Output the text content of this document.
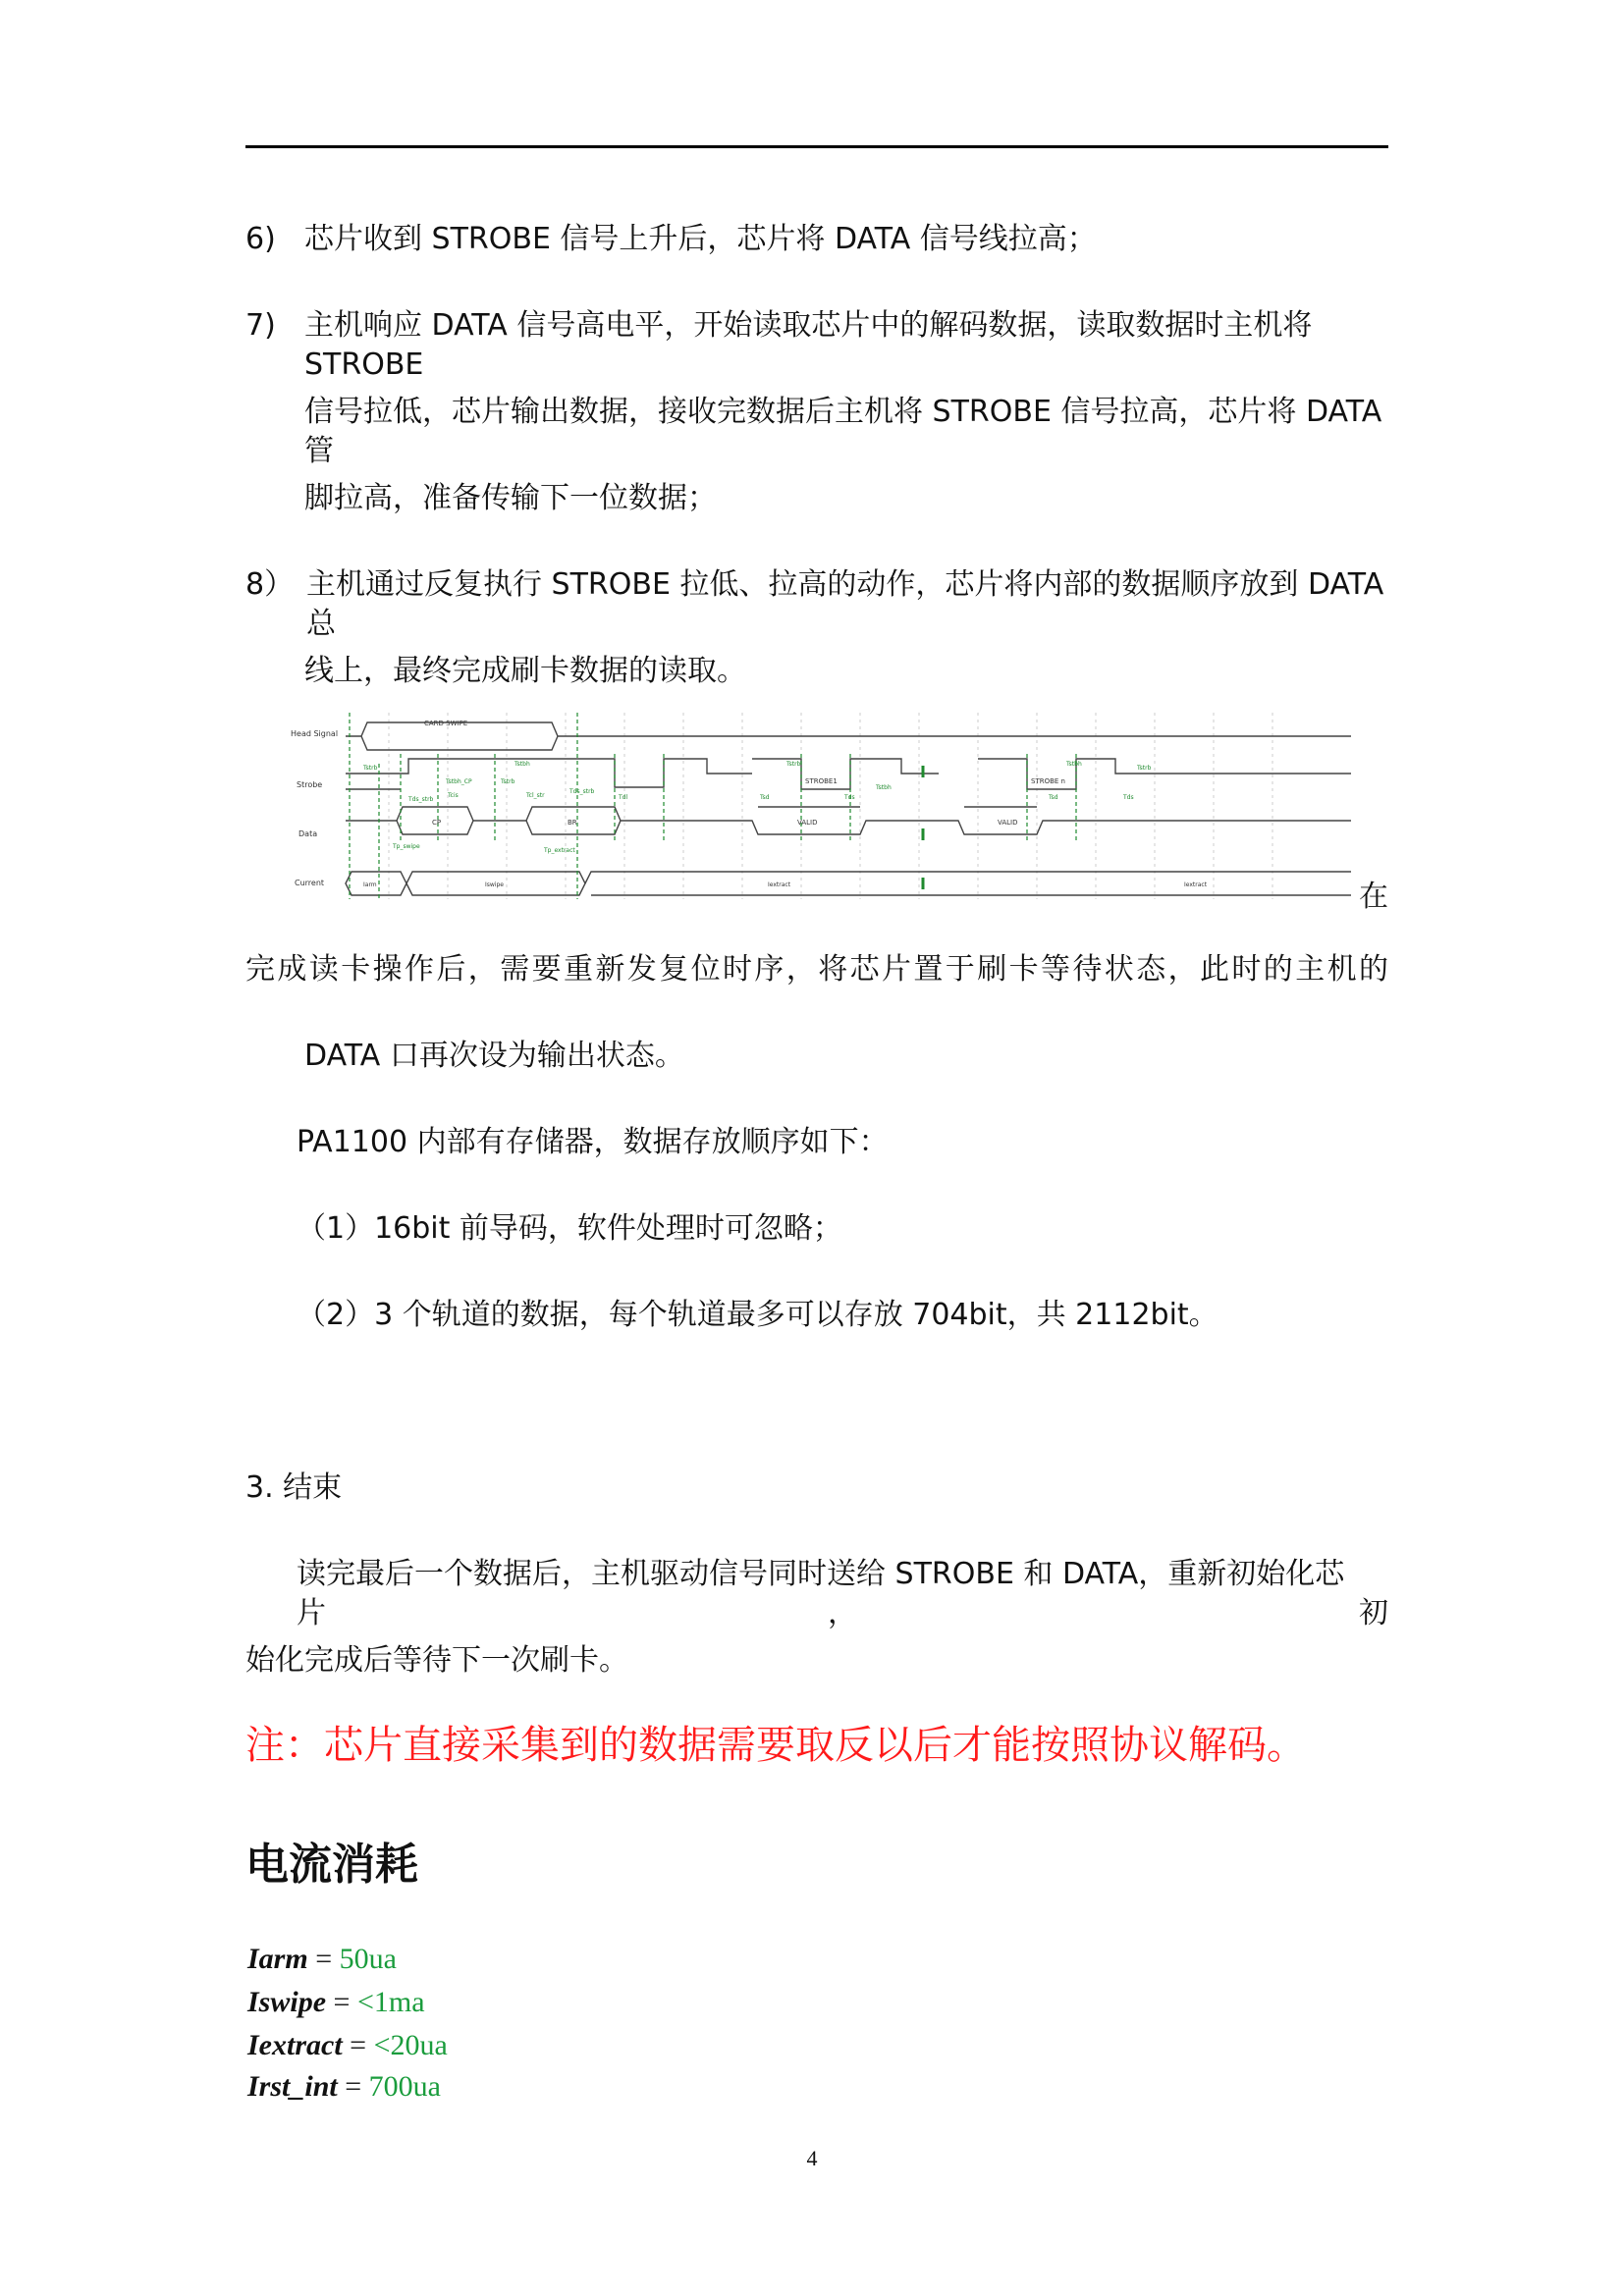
6) 芯片收到 STROBE 信号上升后，芯片将 DATA 信号线拉高；
7) 主机响应 DATA 信号高电平，开始读取芯片中的解码数据，读取数据时主机将 STROBE
信号拉低，芯片输出数据，接收完数据后主机将 STROBE 信号拉高，芯片将 DATA 管
脚拉高，准备传输下一位数据；
8） 主机通过反复执行 STROBE 拉低、拉高的动作，芯片将内部的数据顺序放到 DATA 总
线上，最终完成刷卡数据的读取。
Head Signal
Strobe
Data
Current
CARD SWIPE
CP	BR	VALID	VALID
STROBE1	STROBE n
Iarm	Iswipe	Iextract	Iextract
Tstrb
Tstbh_CP	Tstrb
Tstbh	Tstrb
Tstbh
Tstbh
Tstrb
Tds_strb
Tcis	Tcl_str
Tds_strb
Tdl	Tsd	Tds	Tsd	Tds
Tp_swipe
Tp_extract
在
完成读卡操作后，需要重新发复位时序，将芯片置于刷卡等待状态，此时的主机的
DATA 口再次设为输出状态。
PA1100 内部有存储器，数据存放顺序如下：
（1）16bit 前导码，软件处理时可忽略；
（2）3 个轨道的数据，每个轨道最多可以存放 704bit，共 2112bit。
3. 结束
读完最后一个数据后，主机驱动信号同时送给 STROBE 和 DATA，重新初始化芯片，初
始化完成后等待下一次刷卡。
注：芯片直接采集到的数据需要取反以后才能按照协议解码。
电流消耗
Iarm = 50ua
Iswipe = <1ma
Iextract = <20ua
Irst_int = 700ua
4
